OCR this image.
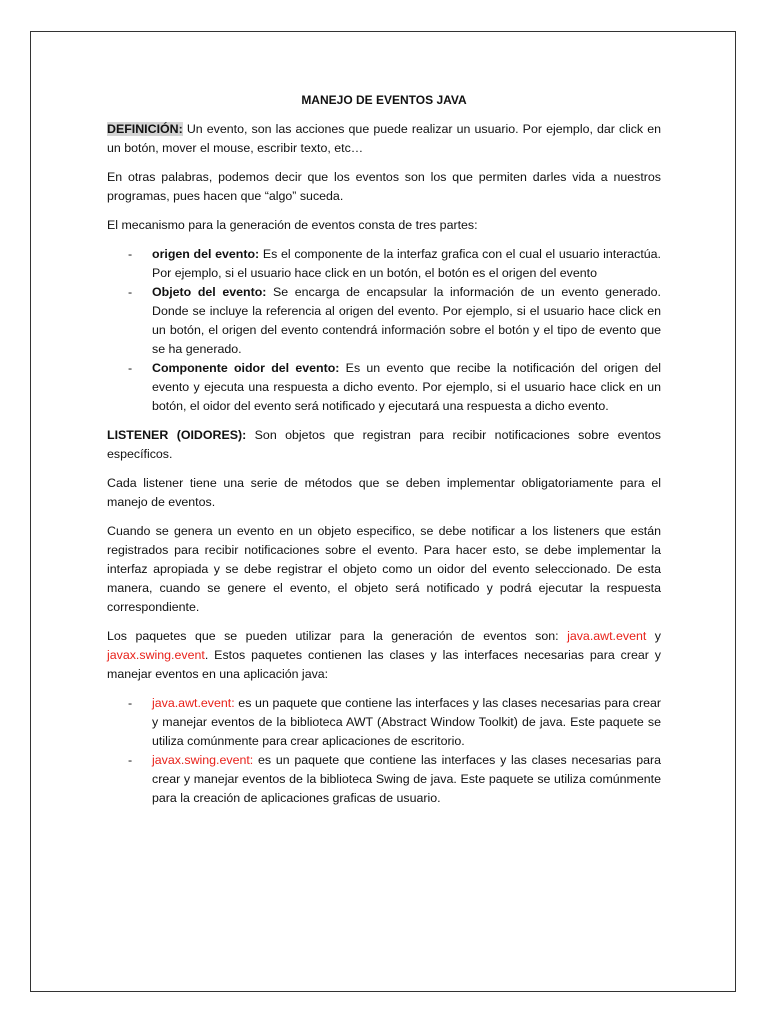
MANEJO DE EVENTOS JAVA

DEFINICIÓN: Un evento, son las acciones que puede realizar un usuario. Por ejemplo, dar click en un botón, mover el mouse, escribir texto, etc…

En otras palabras, podemos decir que los eventos son los que permiten darles vida a nuestros programas, pues hacen que “algo” suceda.

El mecanismo para la generación de eventos consta de tres partes:

- origen del evento: Es el componente de la interfaz grafica con el cual el usuario interactúa. Por ejemplo, si el usuario hace click en un botón, el botón es el origen del evento
- Objeto del evento: Se encarga de encapsular la información de un evento generado. Donde se incluye la referencia al origen del evento. Por ejemplo, si el usuario hace click en un botón, el origen del evento contendrá información sobre el botón y el tipo de evento que se ha generado.
- Componente oidor del evento: Es un evento que recibe la notificación del origen del evento y ejecuta una respuesta a dicho evento. Por ejemplo, si el usuario hace click en un botón, el oidor del evento será notificado y ejecutará una respuesta a dicho evento.

LISTENER (OIDORES): Son objetos que registran para recibir notificaciones sobre eventos específicos.

Cada listener tiene una serie de métodos que se deben implementar obligatoriamente para el manejo de eventos.

Cuando se genera un evento en un objeto especifico, se debe notificar a los listeners que están registrados para recibir notificaciones sobre el evento. Para hacer esto, se debe implementar la interfaz apropiada y se debe registrar el objeto como un oidor del evento seleccionado. De esta manera, cuando se genere el evento, el objeto será notificado y podrá ejecutar la respuesta correspondiente.

Los paquetes que se pueden utilizar para la generación de eventos son: java.awt.event y javax.swing.event. Estos paquetes contienen las clases y las interfaces necesarias para crear y manejar eventos en una aplicación java:

- java.awt.event: es un paquete que contiene las interfaces y las clases necesarias para crear y manejar eventos de la biblioteca AWT (Abstract Window Toolkit) de java. Este paquete se utiliza comúnmente para crear aplicaciones de escritorio.
- javax.swing.event: es un paquete que contiene las interfaces y las clases necesarias para crear y manejar eventos de la biblioteca Swing de java. Este paquete se utiliza comúnmente para la creación de aplicaciones graficas de usuario.
